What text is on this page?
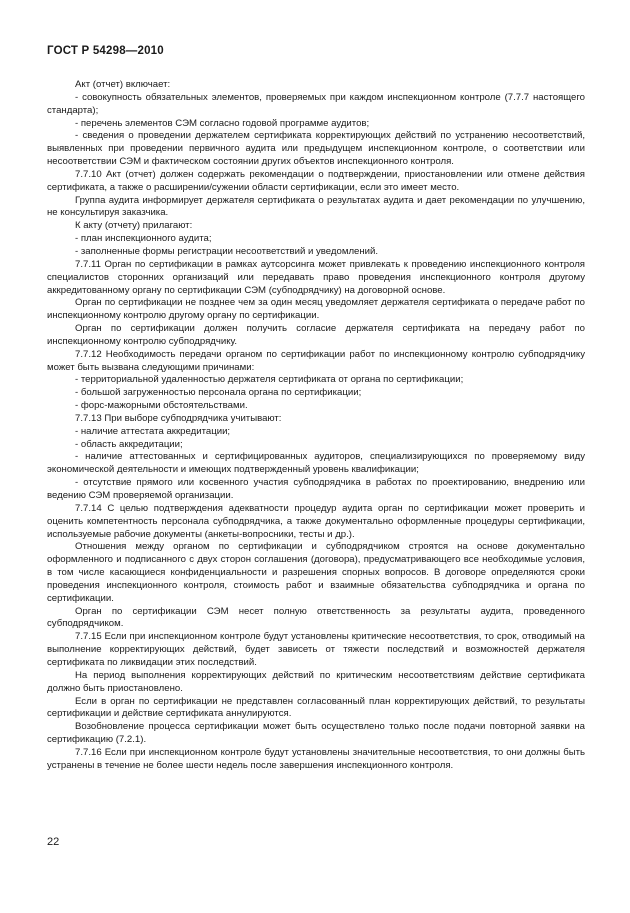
ГОСТ Р 54298—2010

Акт (отчет) включает:

- совокупность обязательных элементов, проверяемых при каждом инспекционном контроле (7.7.7 настоящего стандарта);

- перечень элементов СЭМ согласно годовой программе аудитов;

- сведения о проведении держателем сертификата корректирующих действий по устранению несоответствий, выявленных при проведении первичного аудита или предыдущем инспекционном контроле, о соответствии или несоответствии СЭМ и фактическом состоянии других объектов инспекционного контроля.

7.7.10 Акт (отчет) должен содержать рекомендации о подтверждении, приостановлении или отмене действия сертификата, а также о расширении/сужении области сертификации, если это имеет место.

Группа аудита информирует держателя сертификата о результатах аудита и дает рекомендации по улучшению, не консультируя заказчика.

К акту (отчету) прилагают:

- план инспекционного аудита;

- заполненные формы регистрации несоответствий и уведомлений.

7.7.11 Орган по сертификации в рамках аутсорсинга может привлекать к проведению инспекционного контроля специалистов сторонних организаций или передавать право проведения инспекционного контроля другому аккредитованному органу по сертификации СЭМ (субподрядчику) на договорной основе.

Орган по сертификации не позднее чем за один месяц уведомляет держателя сертификата о передаче работ по инспекционному контролю другому органу по сертификации.

Орган по сертификации должен получить согласие держателя сертификата на передачу работ по инспекционному контролю субподрядчику.

7.7.12 Необходимость передачи органом по сертификации работ по инспекционному контролю субподрядчику может быть вызвана следующими причинами:

- территориальной удаленностью держателя сертификата от органа по сертификации;

- большой загруженностью персонала органа по сертификации;

- форс-мажорными обстоятельствами.

7.7.13 При выборе субподрядчика учитывают:

- наличие аттестата аккредитации;

- область аккредитации;

- наличие аттестованных и сертифицированных аудиторов, специализирующихся по проверяемому виду экономической деятельности и имеющих подтвержденный уровень квалификации;

- отсутствие прямого или косвенного участия субподрядчика в работах по проектированию, внедрению или ведению СЭМ проверяемой организации.

7.7.14 С целью подтверждения адекватности процедур аудита орган по сертификации может проверить и оценить компетентность персонала субподрядчика, а также документально оформленные процедуры сертификации, используемые рабочие документы (анкеты-вопросники, тесты и др.).

Отношения между органом по сертификации и субподрядчиком строятся на основе документально оформленного и подписанного с двух сторон соглашения (договора), предусматривающего все необходимые условия, в том числе касающиеся конфиденциальности и разрешения спорных вопросов. В договоре определяются сроки проведения инспекционного контроля, стоимость работ и взаимные обязательства субподрядчика и органа по сертификации.

Орган по сертификации СЭМ несет полную ответственность за результаты аудита, проведенного субподрядчиком.

7.7.15 Если при инспекционном контроле будут установлены критические несоответствия, то срок, отводимый на выполнение корректирующих действий, будет зависеть от тяжести последствий и возможностей держателя сертификата по ликвидации этих последствий.

На период выполнения корректирующих действий по критическим несоответствиям действие сертификата должно быть приостановлено.

Если в орган по сертификации не представлен согласованный план корректирующих действий, то результаты сертификации и действие сертификата аннулируются.

Возобновление процесса сертификации может быть осуществлено только после подачи повторной заявки на сертификацию (7.2.1).

7.7.16 Если при инспекционном контроле будут установлены значительные несоответствия, то они должны быть устранены в течение не более шести недель после завершения инспекционного контроля.

22
